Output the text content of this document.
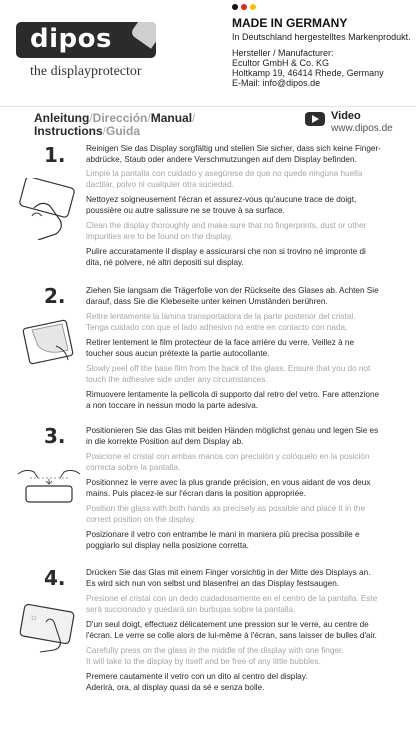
dipos
the displayprotector
MADE IN GERMANY
In Deutschland hergestelltes Markenprodukt.
Hersteller / Manufacturer:
Ecultor GmbH & Co. KG
Holtkamp 19, 46414 Rhede, Germany
E-Mail: info@dipos.de
Anleitung/Dirección/Manual/
Instructions/Guida
Video
www.dipos.de
1. Reinigen Sie das Display sorgfältig und stellen Sie sicher, dass sich keine Finger-
abdrücke, Staub oder andere Verschmutzungen auf dem Display befinden.
Limpie la pantalla con cuidado y asegúrese de que no quede ninguna huella
dactilar, polvo ni cualquier otra suciedad.
Nettoyez soigneusement l'écran et assurez-vous qu'aucune trace de doigt,
poussière ou autre salissure ne se trouve à sa surface.
Clean the display thoroughly and make sure that no fingerprints, dust or other
impurities are to be found on the display.
Pulire accuratamente il display e assicurarsi che non si trovino né impronte di
dita, né polvere, né altri depositi sul display.
2. Ziehen Sie langsam die Trägerfolie von der Rückseite des Glases ab. Achten Sie
darauf, dass Sie die Klebeseite unter keinen Umständen berühren.
Retire lentamente la lámina transportadora de la parte posterior del cristal.
Tenga cuidado con que el lado adhesivo no entre en contacto con nada.
Retirer lentement le film protecteur de la face arrière du verre. Veillez à ne
toucher sous aucun prétexte la partie autocollante.
Slowly peel off the base film from the back of the glass. Ensure that you do not
touch the adhesive side under any circumstances.
Rimuovere lentamente la pellicola di supporto dal retro del vetro. Fare attenzione
a non toccare in nessun modo la parte adesiva.
3. Positionieren Sie das Glas mit beiden Händen möglichst genau und legen Sie es
in die korrekte Position auf dem Display ab.
Posicione el cristal con ambas manos con precisión y colóquelo en la posición
correcta sobre la pantalla.
Positionnez le verre avec la plus grande précision, en vous aidant de vos deux
mains. Puis placez-le sur l'écran dans la position appropriée.
Position the glass with both hands as precisely as possible and place it in the
correct position on the display.
Posizionare il vetro con entrambe le mani in maniera più precisa possibile e
poggiarlo sul display nella posizione corretta.
4. Drücken Sie das Glas mit einem Finger vorsichtig in der Mitte des Displays an.
Es wird sich nun von selbst und blasenfrei an das Display festsaugen.
Presione el cristal con un dedo cuidadosamente en el centro de la pantalla. Este
será succionado y quedará sin burbujas sobre la pantalla.
D'un seul doigt, effectuez délicatement une pression sur le verre, au centre de
l'écran. Le verre se colle alors de lui-même à l'écran, sans laisser de bulles d'air.
Carefully press on the glass in the middle of the display with one finger.
It will take to the display by itself and be free of any little bubbles.
Premere cautamente il vetro con un dito al centro del display.
Aderirà, ora, al display quasi da sé e senza bolle.
